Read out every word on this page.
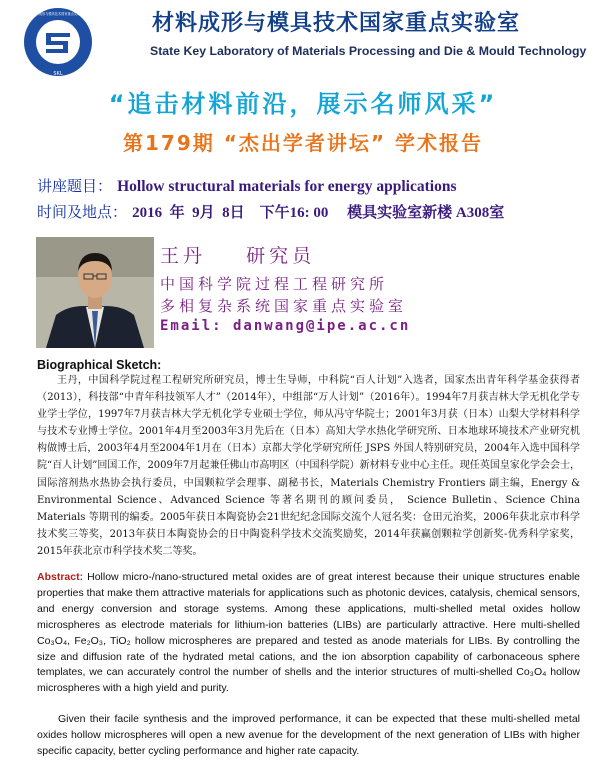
SKL
材料成形与模具技术国家重点实验室	材料成形与模具技术国家重点实验室
State Key Laboratory of Materials Processing and Die & Mould Technology
“追击材料前沿，展示名师风采”
第179期 “杰出学者讲坛” 学术报告
讲座题目： Hollow structural materials for energy applications
时间及地点： 2016  年  9月  8日    下午16: 00     模具实验室新楼 A308室
王丹    研究员
中国科学院过程工程研究所
多相复杂系统国家重点实验室
Email: danwang@ipe.ac.cn
Biographical Sketch:

王丹，中国科学院过程工程研究所研究员，博士生导师，中科院“百人计划”入选者，国家杰出青年科学基金获得者（2013），科技部“中青年科技领军人才”（2014年），中组部“万人计划”（2016年）。1994年7月获吉林大学无机化学专业学士学位，1997年7月获吉林大学无机化学专业硕士学位，师从冯守华院士；2001年3月获（日本）山梨大学材料科学与技术专业博士学位。2001年4月至2003年3月先后在（日本）高知大学水热化学研究所、日本地球环境技术产业研究机构做博士后，2003年4月至2004年1月在（日本）京都大学化学研究所任 JSPS 外国人特别研究员，2004年入选中国科学院“百人计划”回国工作，2009年7月起兼任佛山市高明区（中国科学院）新材料专业中心主任。现任英国皇家化学会会士，国际溶剂热水热协会执行委员，中国颗粒学会理事、副秘书长，Materials Chemistry Frontiers 副主编，Energy & Environmental Science、Advanced Science 等著名期刊的顾问委员， Science Bulletin、Science China Materials 等期刊的编委。2005年获日本陶瓷协会21世纪纪念国际交流个人冠名奖：仓田元治奖，2006年获北京市科学技术奖三等奖，2013年获日本陶瓷协会的日中陶瓷科学技术交流奖励奖，2014年获赢创颗粒学创新奖-优秀科学家奖，2015年获北京市科学技术奖二等奖。

Abstract: Hollow micro-/nano-structured metal oxides are of great interest because their unique structures enable properties that make them attractive materials for applications such as photonic devices, catalysis, chemical sensors, and energy conversion and storage systems. Among these applications, multi-shelled metal oxides hollow microspheres as electrode materials for lithium-ion batteries (LIBs) are particularly attractive. Here multi-shelled Co₃O₄, Fe₂O₃, TiO₂ hollow microspheres are prepared and tested as anode materials for LIBs. By controlling the size and diffusion rate of the hydrated metal cations, and the ion absorption capability of carbonaceous sphere templates, we can accurately control the number of shells and the interior structures of multi-shelled Co₃O₄ hollow microspheres with a high yield and purity.

Given their facile synthesis and the improved performance, it can be expected that these multi-shelled metal oxides hollow microspheres will open a new avenue for the development of the next generation of LIBs with higher specific capacity, better cycling performance and higher rate capacity.
